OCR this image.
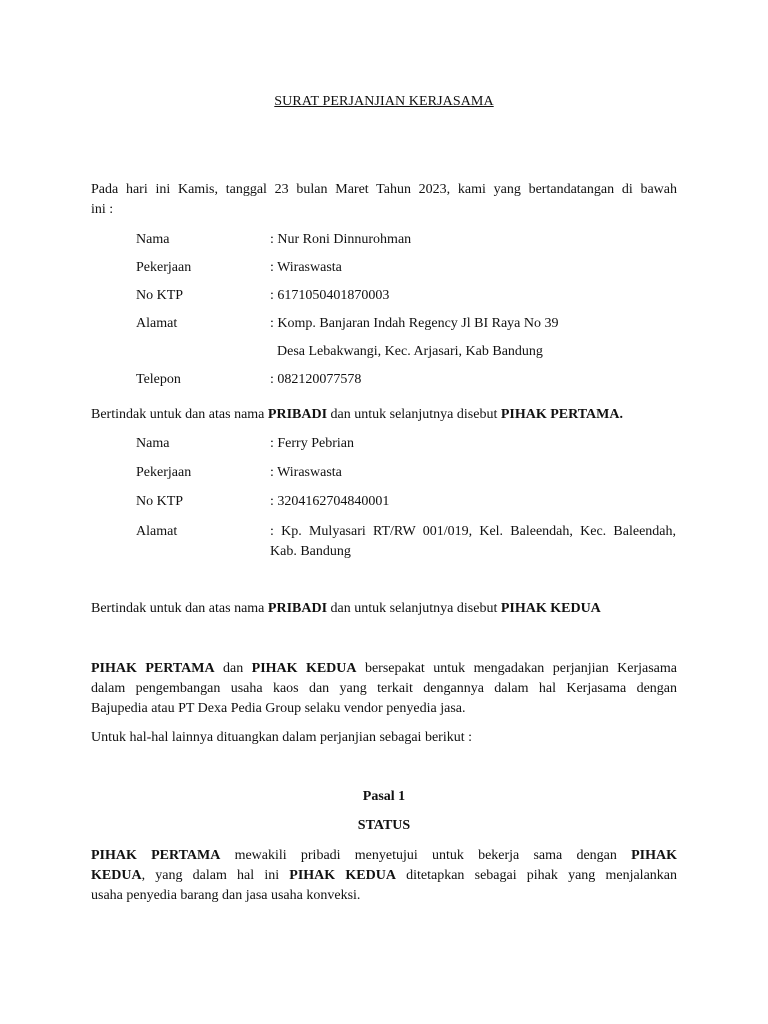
SURAT PERJANJIAN KERJASAMA
Pada hari ini Kamis, tanggal 23 bulan Maret Tahun 2023, kami yang bertandatangan di bawah
ini :
Nama	: Nur Roni Dinnurohman
Pekerjaan	: Wiraswasta
No KTP	: 6171050401870003
Alamat	: Komp. Banjaran Indah Regency Jl BI Raya No 39
Desa Lebakwangi, Kec. Arjasari, Kab Bandung
Telepon	: 082120077578
Bertindak untuk dan atas nama PRIBADI dan untuk selanjutnya disebut PIHAK PERTAMA.
Nama	: Ferry Pebrian
Pekerjaan	: Wiraswasta
No KTP	: 3204162704840001
Alamat	: Kp. Mulyasari RT/RW 001/019, Kel. Baleendah, Kec. Baleendah,
Kab. Bandung
Bertindak untuk dan atas nama PRIBADI dan untuk selanjutnya disebut PIHAK KEDUA
PIHAK PERTAMA dan PIHAK KEDUA bersepakat untuk mengadakan perjanjian Kerjasama
dalam pengembangan usaha kaos dan yang terkait dengannya dalam hal Kerjasama dengan
Bajupedia atau PT Dexa Pedia Group selaku vendor penyedia jasa.
Untuk hal-hal lainnya dituangkan dalam perjanjian sebagai berikut :
Pasal 1
STATUS
PIHAK PERTAMA mewakili pribadi menyetujui untuk bekerja sama dengan PIHAK
KEDUA, yang dalam hal ini PIHAK KEDUA ditetapkan sebagai pihak yang menjalankan
usaha penyedia barang dan jasa usaha konveksi.
